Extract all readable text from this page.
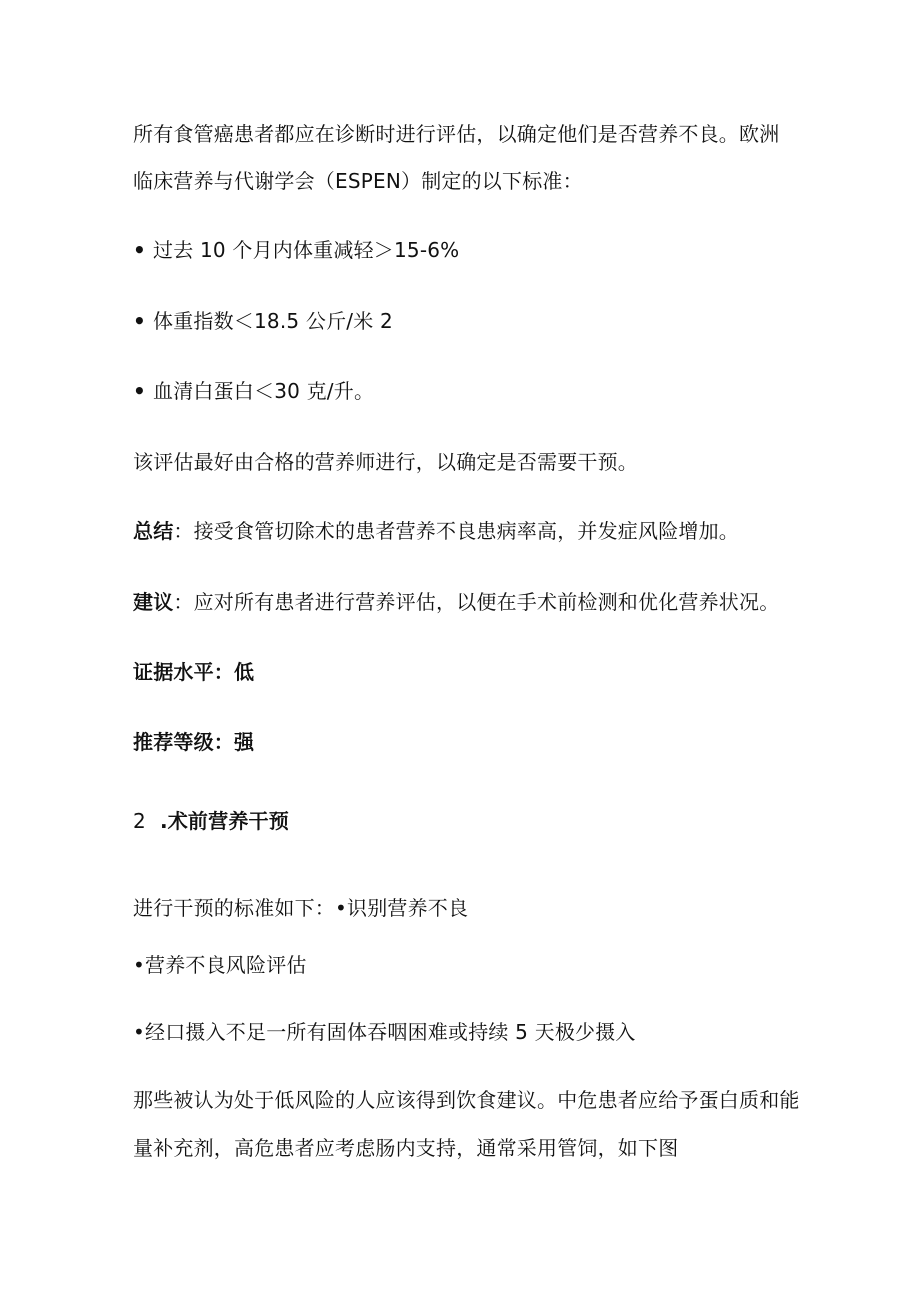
所有食管癌患者都应在诊断时进行评估，以确定他们是否营养不良。欧洲
临床营养与代谢学会（ESPEN）制定的以下标准：
• 过去 10 个月内体重减轻＞15-6%
• 体重指数＜18.5 公斤/米 2
• 血清白蛋白＜30 克/升。
该评估最好由合格的营养师进行，以确定是否需要干预。
总结：接受食管切除术的患者营养不良患病率高，并发症风险增加。
建议：应对所有患者进行营养评估，以便在手术前检测和优化营养状况。
证据水平：低
推荐等级：强
2 .术前营养干预
进行干预的标准如下：•识别营养不良
•营养不良风险评估
•经口摄入不足一所有固体吞咽困难或持续 5 天极少摄入
那些被认为处于低风险的人应该得到饮食建议。中危患者应给予蛋白质和能
量补充剂，高危患者应考虑肠内支持，通常采用管饲，如下图
